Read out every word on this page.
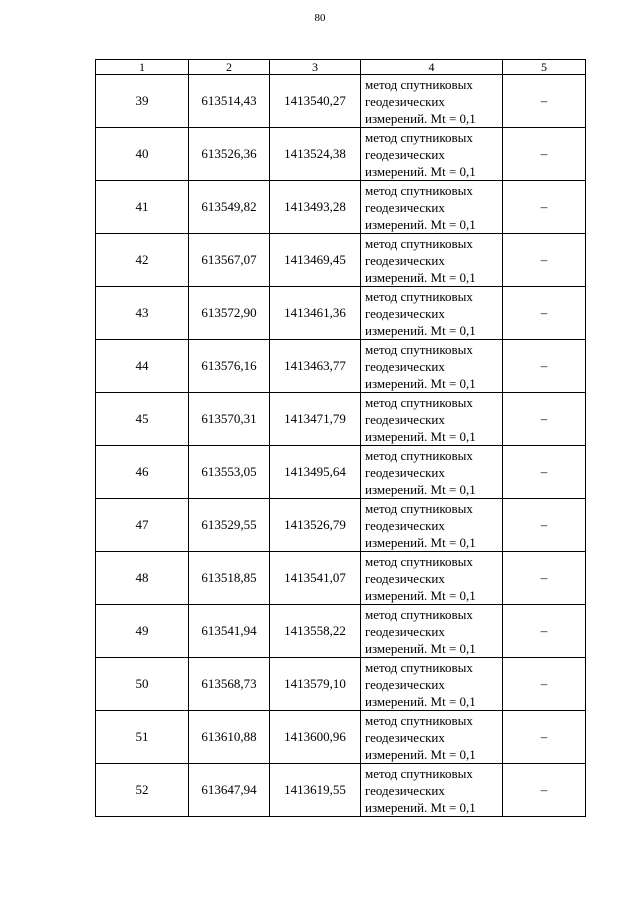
80
1	2	3	4	5
39	613514,43	1413540,27	метод спутниковых
геодезических
измерений. Mt = 0,1	–
40	613526,36	1413524,38	метод спутниковых
геодезических
измерений. Mt = 0,1	–
41	613549,82	1413493,28	метод спутниковых
геодезических
измерений. Mt = 0,1	–
42	613567,07	1413469,45	метод спутниковых
геодезических
измерений. Mt = 0,1	–
43	613572,90	1413461,36	метод спутниковых
геодезических
измерений. Mt = 0,1	–
44	613576,16	1413463,77	метод спутниковых
геодезических
измерений. Mt = 0,1	–
45	613570,31	1413471,79	метод спутниковых
геодезических
измерений. Mt = 0,1	–
46	613553,05	1413495,64	метод спутниковых
геодезических
измерений. Mt = 0,1	–
47	613529,55	1413526,79	метод спутниковых
геодезических
измерений. Mt = 0,1	–
48	613518,85	1413541,07	метод спутниковых
геодезических
измерений. Mt = 0,1	–
49	613541,94	1413558,22	метод спутниковых
геодезических
измерений. Mt = 0,1	–
50	613568,73	1413579,10	метод спутниковых
геодезических
измерений. Mt = 0,1	–
51	613610,88	1413600,96	метод спутниковых
геодезических
измерений. Mt = 0,1	–
52	613647,94	1413619,55	метод спутниковых
геодезических
измерений. Mt = 0,1	–
